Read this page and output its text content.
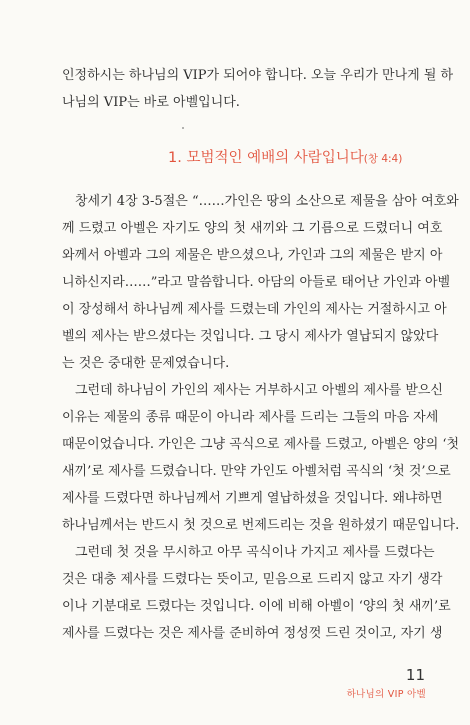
인정하시는 하나님의 VIP가 되어야 합니다. 오늘 우리가 만나게 될 하
나님의 VIP는 바로 아벨입니다.
1. 모범적인 예배의 사람입니다(창 4:4)
창세기 4장 3-5절은 “……가인은 땅의 소산으로 제물을 삼아 여호와
께 드렸고 아벨은 자기도 양의 첫 새끼와 그 기름으로 드렸더니 여호
와께서 아벨과 그의 제물은 받으셨으나, 가인과 그의 제물은 받지 아
니하신지라……”라고 말씀합니다. 아담의 아들로 태어난 가인과 아벨
이 장성해서 하나님께 제사를 드렸는데 가인의 제사는 거절하시고 아
벨의 제사는 받으셨다는 것입니다. 그 당시 제사가 열납되지 않았다
는 것은 중대한 문제였습니다.
그런데 하나님이 가인의 제사는 거부하시고 아벨의 제사를 받으신
이유는 제물의 종류 때문이 아니라 제사를 드리는 그들의 마음 자세
때문이었습니다. 가인은 그냥 곡식으로 제사를 드렸고, 아벨은 양의 ‘첫
새끼’로 제사를 드렸습니다. 만약 가인도 아벨처럼 곡식의 ‘첫 것’으로
제사를 드렸다면 하나님께서 기쁘게 열납하셨을 것입니다. 왜냐하면
하나님께서는 반드시 첫 것으로 번제드리는 것을 원하셨기 때문입니다.
그런데 첫 것을 무시하고 아무 곡식이나 가지고 제사를 드렸다는
것은 대충 제사를 드렸다는 뜻이고, 믿음으로 드리지 않고 자기 생각
이나 기분대로 드렸다는 것입니다. 이에 비해 아벨이 ‘양의 첫 새끼’로
제사를 드렸다는 것은 제사를 준비하여 정성껏 드린 것이고, 자기 생
11
하나님의 VIP 아벨
